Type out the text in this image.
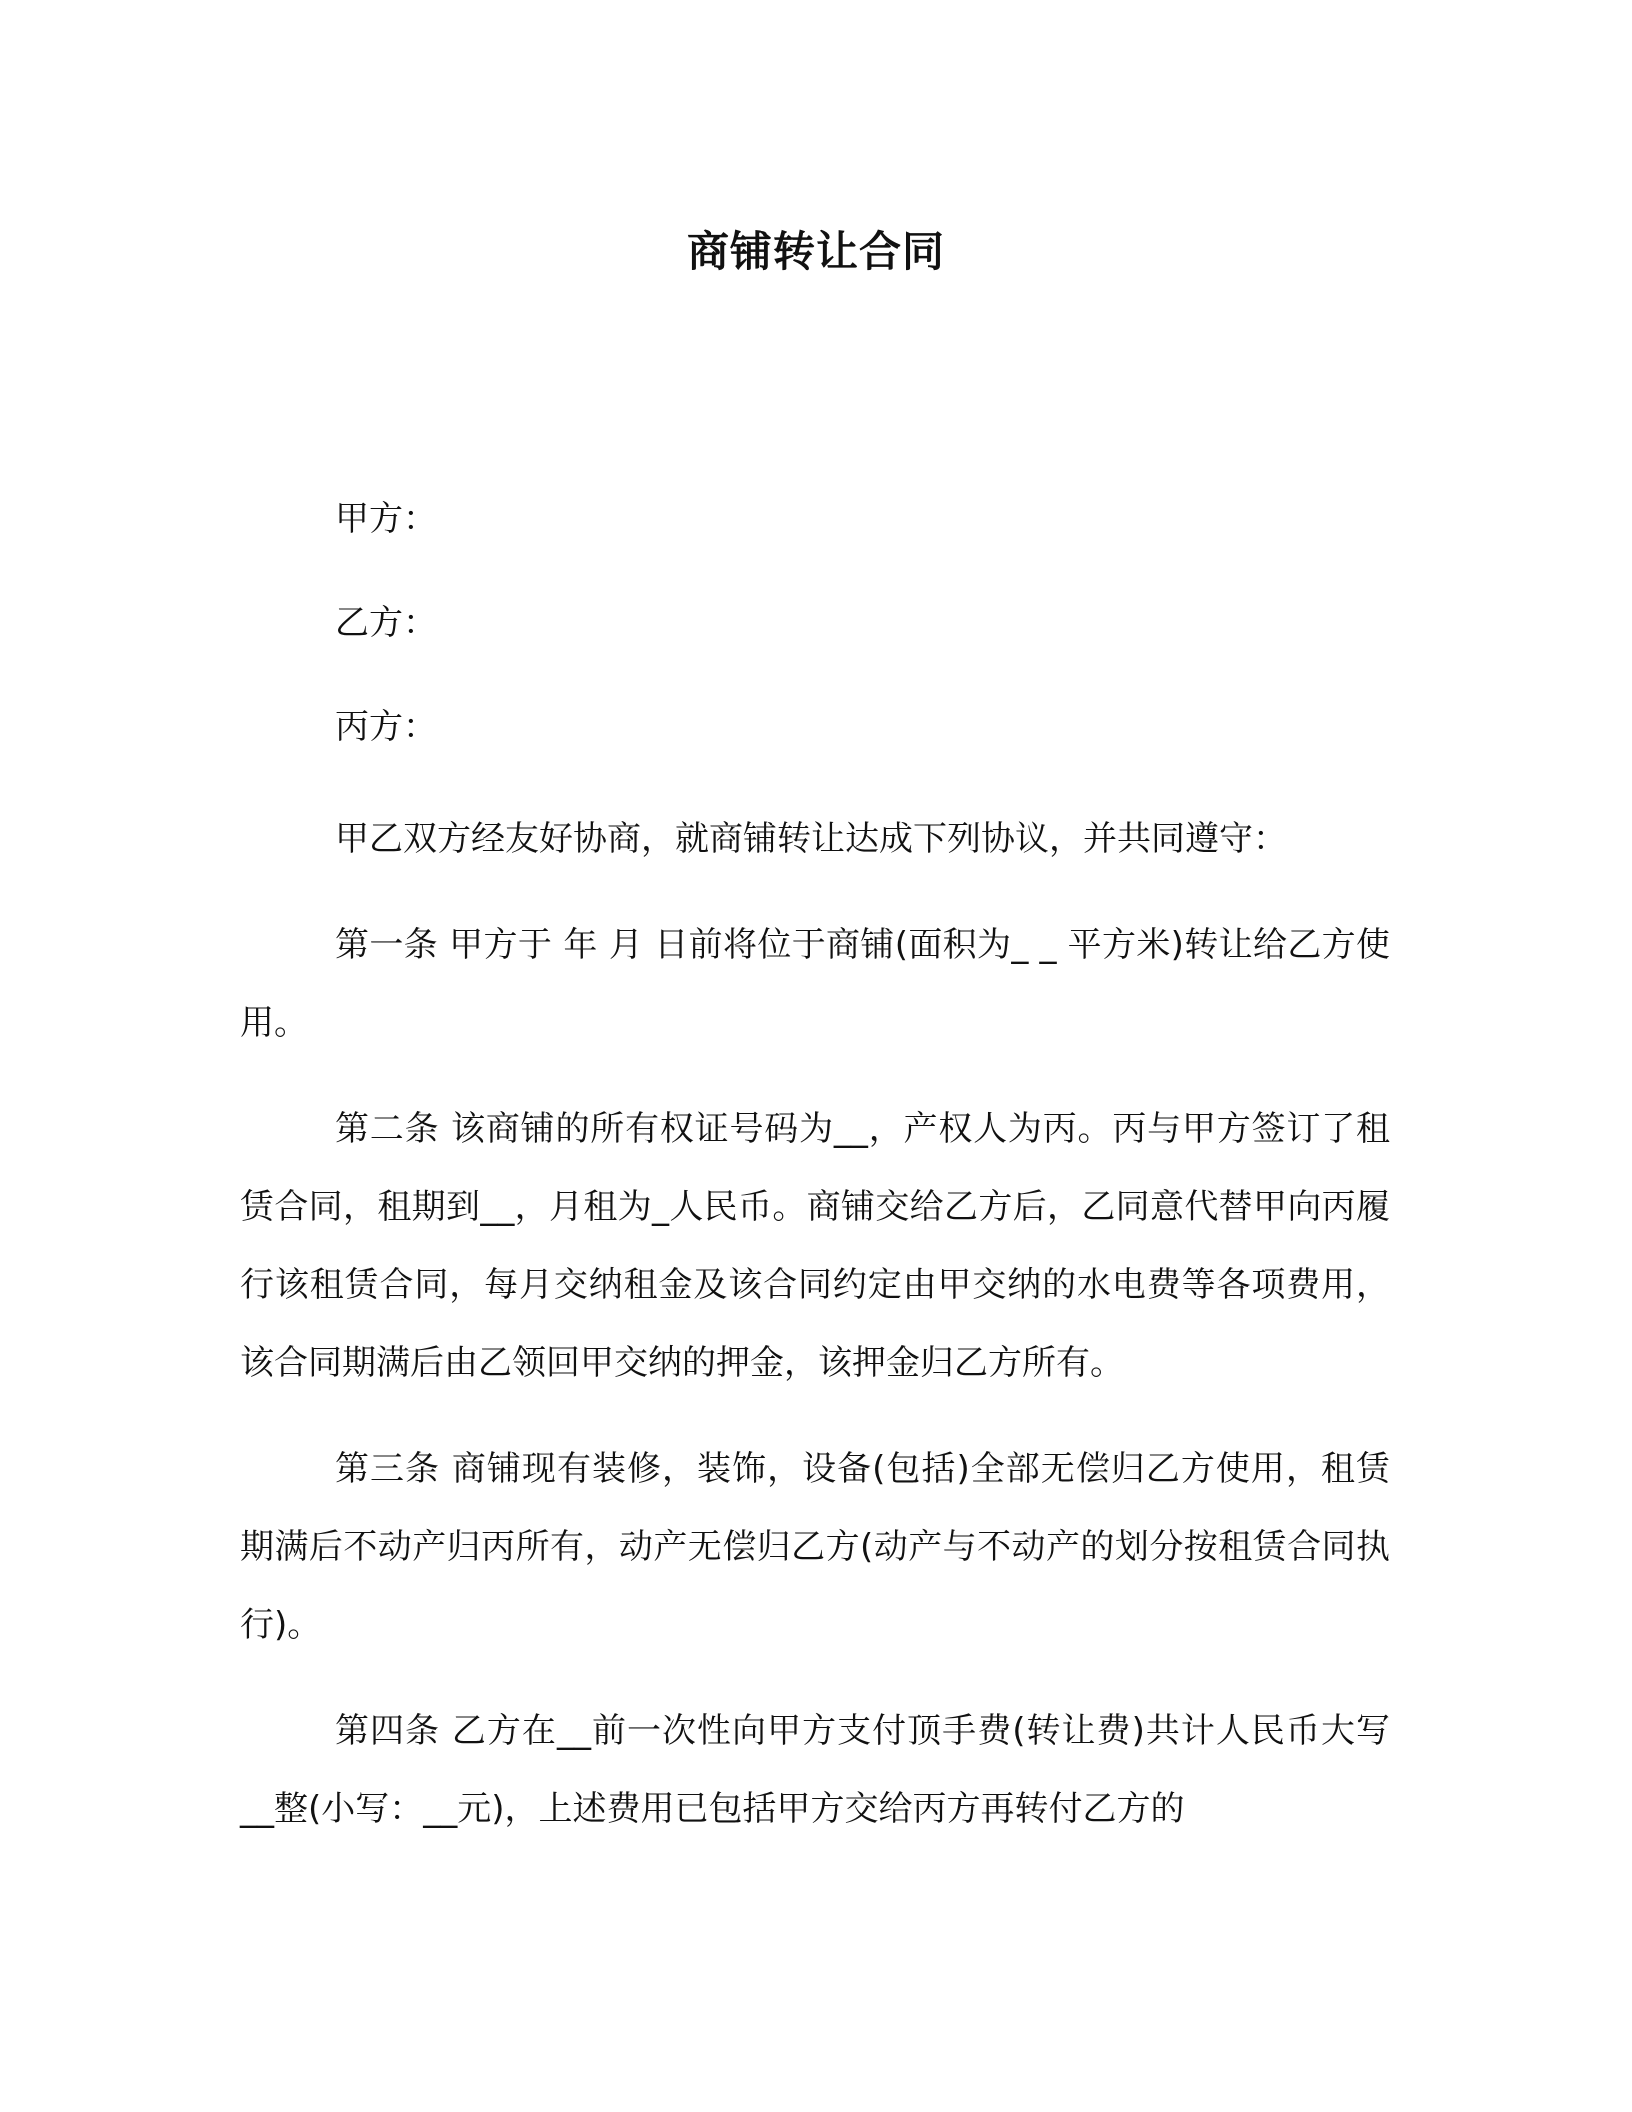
商铺转让合同
甲方：
乙方：
丙方：

甲乙双方经友好协商，就商铺转让达成下列协议，并共同遵守：

第一条 甲方于 年 月 日前将位于商铺(面积为_ _ 平方米)转让给乙方使用。

第二条 该商铺的所有权证号码为__，产权人为丙。丙与甲方签订了租赁合同，租期到__，月租为_人民币。商铺交给乙方后，乙同意代替甲向丙履行该租赁合同，每月交纳租金及该合同约定由甲交纳的水电费等各项费用，该合同期满后由乙领回甲交纳的押金，该押金归乙方所有。

第三条 商铺现有装修，装饰，设备(包括)全部无偿归乙方使用，租赁期满后不动产归丙所有，动产无偿归乙方(动产与不动产的划分按租赁合同执行)。

第四条 乙方在__前一次性向甲方支付顶手费(转让费)共计人民币大写__整(小写：__元)，上述费用已包括甲方交给丙方再转付乙方的
